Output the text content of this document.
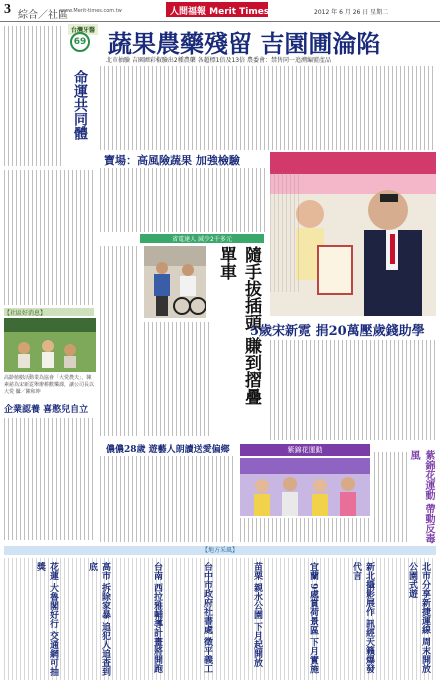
3 綜合／社區
www.Merit-times.com.tw	人間福報 Merit Times	2012 年 6 月 26 日 星期二
台灣牙醫
69
命運共同體
【社區好消息】
高齡植樹活動業為協會「大愛農夫」，陳素慈為宋新霓舉辦耕歡樂課，讓公司長以大愛 攝／陳和坤
企業認養 喜憨兒自立
蔬果農藥殘留 吉園圃淪陷
北市抽驗 吉園圃彩椒驗出2種農藥 各超標1倍及13倍 農委會：禁售同一追溯編號產品
寶場：高風險蔬果 加強檢驗
省電達人 減少2千多元
隨手拔插頭 賺到摺疊單車
5歲宋新霓 捐20萬壓歲錢助學
儂儂28歲 遊藝人朗讀送愛偏鄉	紫錦花運動	紫錦花運動 帶動反毒風
【地方采風】
北市分享新捷運線 周末開放公園式遊
新北攝影展作 訊經天籟爆發代言
宜蘭 9處賞荷景區 下月實施
苗栗 親水公園 下月起開放
台中市政府社書處 徵平義工
台南 西拉雅輔導計畫將開跑
高市 拆除家暴 追犯人追查到底
花蓮 大魯閣好行 交通網可抽獎
